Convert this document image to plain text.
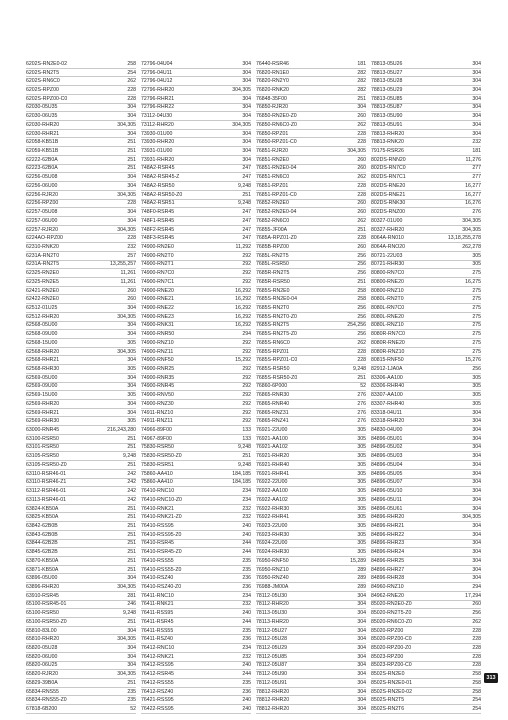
6202S-RN2E0-02	258
6202S-RN2T5	254
6202S-RN6C0	262
6202S-RPZ00	228
6202S-RPZ00-C0	228
62030-05U35	304
62030-06U35	304
62030-RHR20	304,305
62030-RHR21	304
62058-KB51B	251
62059-KB51B	251
62222-62B0A	251
62223-62B0A	251
62256-05U08	304
62256-06U00	304
62256-RJR20	304,305
62256-RPZ00	228
62257-05U08	304
62257-06U00	304
62257-RJR20	304,305
6224AO-RPZ00	228
62310-RNK20	232
6231A-RN2T0	257
6231A-RN2T5	13,255,257
62325-RN2E0	11,261
62325-RN2E5	11,261
62421-RN2E0	260
62422-RN2E0	260
62512-01U25	304
62512-RHR20	304,305
62568-05U00	304
62568-09U00	304
62568-15U00	305
62568-RHR20	304,305
62568-RHR21	304
62568-RHR30	305
62569-05U00	304
62569-09U00	304
62569-15U00	305
62569-RHR20	304
62569-RHR21	304
62569-RHR30	305
63000-RNR45	216,243,280
63100-RSR50	251
63101-RSR50	251
63105-RSR50	9,248
63105-RSR50-Z0	251
63110-RSR46-01	242
63110-RSR46-Z1	242
63112-RSR46-01	242
63113-RSR46-01	242
63824-KB50A	251
63825-KB50A	251
63842-62B0B	251
63843-62B0B	251
63844-62B2B	251
63845-62B2B	251
63870-KB50A	251
63871-KB50A	251
63896-05U00	304
63896-RHR20	304,305
63910-RSR45	281
65100-RSR45-01	246
65100-RSR50	9,248
65100-RSR50-Z0	251
65810-83L00	304
65810-RHR20	304,305
65820-05U28	304
65820-06U00	304
65820-06U25	304
65820-RJR20	304,305
65829-39B0A	251
65834-RNS55	235
65834-RNS55-Z0	235
67818-6B200	52
72796-04U04	304
72796-04U11	304
72796-04U12	304
72796-RHR20	304,305
72796-RHR21	304
72796-RHR22	304
73112-04U30	304
73112-RHR20	304,305
73930-01U00	304
73930-RHR20	304
73931-01U00	304
73931-RHR20	304
748A2-RSR45	247
748A2-RSR45-Z	247
748A2-RSR50	9,248
748A2-RSR50-Z0	251
748A2-RSR51	9,248
748F0-RSR45	247
748F1-RSR45	247
748F2-RSR45	247
748F3-RSR45	247
74900-RN2E0	11,292
74900-RN2T0	292
74900-RN2T1	292
74900-RN7C0	292
74900-RN7C1	292
74900-RNE20	16,292
74900-RNE21	16,292
74900-RNE22	16,292
74900-RNE23	16,292
74900-RNK31	16,292
74900-RNR50	294
74900-RNZ10	292
74900-RNZ11	292
74900-RNF50	15,292
74900-RNR25	292
74900-RNR35	292
74900-RNR45	292
74900-RNV50	292
74900-RNZ30	292
74911-RNZ10	292
74911-RNZ11	292
74966-89F00	133
74967-89F00	133
75830-RSR50	9,248
75830-RSR50-Z0	251
75830-RSR51	9,248
75860-AA410	184,185
75860-AA410	184,185
76410-RNC10	234
76410-RNC10-Z0	234
76410-RNK21	232
76410-RNK21-Z0	232
76410-RSS95	240
76410-RSS95-Z0	240
76410-RSR45	244
76410-RSR45-Z0	244
76410-RSS55	235
76410-RSS55-Z0	235
76410-RSZ40	236
76410-RSZ40-Z0	236
76411-RNC10	234
76411-RNK21	232
76411-RSS95	240
76411-RSR45	244
76411-RSS55	235
76411-RSZ40	236
76412-RNC10	234
76412-RNK21	232
76412-RSS95	240
76412-RSR45	244
76412-RSS55	235
76412-RSZ40	236
76421-RSS95	240
76422-RSS95	240
76440-RSR46	181
76820-RN1E0	282
76820-RN2Y0	282
76820-RNK20	282
76848-35F00	251
76850-RJR20	304
76850-RN2E0-Z0	260
76850-RN6C0-Z0	262
76850-RPZ01	228
76850-RPZ01-C0	228
76851-RJR20	304,305
76851-RN2E0	260
76851-RN2E0-04	260
76851-RN6C0	262
76851-RPZ01	228
76851-RPZ01-C0	228
76852-RN2E0	260
76852-RN2E0-04	260
76852-RN6C0	262
76855-JF00A	251
7685A-RPZ01-Z0	228
7685B-RPZ00	260
7685L-RN2T5	256
7685L-RSR50	256
7685R-RN2T5	256
7685R-RSR50	251
7685S-RN2E0	258
7685S-RN2E0-04	258
7685S-RN2T0	256
7685S-RN2T0-Z0	256
7685S-RN2T5	254,256
7685S-RN2T5-Z0	256
7685S-RN6C0	262
7685S-RPZ01	228
7685S-RPZ01-C0	228
7685S-RSR50	9,248
7685S-RSR50-Z0	251
76860-6P000	52
76865-RNR30	276
76865-RNR40	276
76865-RNZ31	276
76865-RNZ41	276
76921-22U00	305
76921-AA100	305
76921-AA102	305
76921-RHR20	305
76921-RHR40	305
76921-RHR41	305
76922-22U00	305
76922-AA100	305
76922-AA102	305
76922-RHR30	305
76922-RHR41	305
76923-22U00	305
76923-RHR30	305
76924-22U00	305
76924-RHR30	305
76950-RNF50	15,289
76950-RNZ10	289
76950-RNZ40	289
76988-JM00A	289
78112-05U30	304
78112-RHR20	304
78113-05U30	304
78113-RHR20	304
78112-05U27	304
78112-05U28	304
78112-05U29	304
78112-05U85	304
78112-05U87	304
78112-05U90	304
78112-05U91	304
78812-RHR20	304
78812-RHR20	304
78812-RHR20	304
78813-05U26	304
78813-05U27	304
78813-05U28	304
78813-05U29	304
78813-05U85	304
78813-05U87	304
78813-05U90	304
78813-05U91	304
78813-RHR20	304
78813-RNK20	232
79175-RSR26	181
802DS-RNN20	11,276
802DS-RN7C0	277
802DS-RN7C1	277
802DS-RNE20	16,277
802DS-RNE21	16,277
802DS-RNK30	16,276
802DS-RNZ00	276
80327-01U00	304,305
80327-RHR20	304,305
8064A-RN010	13,18,255,278
8064A-RNO20	262,278
80721-22U03	305
80721-RHR30	305
80800-RN7C0	275
80800-RNE20	16,275
80800-RNZ10	275
8080L-RN2T0	275
8080L-RN7C0	275
8080L-RNE20	275
8080L-RNZ10	275
8080R-RN7C0	275
8080R-RNE20	275
8080R-RNZ10	275
80815-RNF50	15,276
82912-1JA0A	256
83306-AA100	305
83306-RHR40	305
83307-AA100	305
83307-RHR40	305
83318-04U11	304
83318-RHR20	304
84830-04U00	304
84896-05U01	304
84896-05U02	304
84896-05U03	304
84896-05U04	304
84896-05U05	304
84896-05U07	304
84896-05U10	304
84896-05U11	304
84896-05U61	304
84896-RHR20	304,305
84896-RHR21	304
84896-RHR22	304
84896-RHR23	304
84896-RHR24	304
84896-RHR25	304
84896-RHR27	304
84896-RHR28	304
84960-RNZ10	294
84962-RNE20	17,294
85020-RN2E0-Z0	260
85020-RN2T5-Z0	256
85020-RN6C0-Z0	262
85020-RPZ00	228
85020-RPZ00-C0	228
85020-RPZ00-Z0	228
85023-RPZ00	228
85023-RPZ00-C0	228
8502S-RN2E0	258
8502S-RN2E0-01	258
8502S-RN2E0-02	258
8502S-RN2T5	254
8502S-RN2T6	254
313
